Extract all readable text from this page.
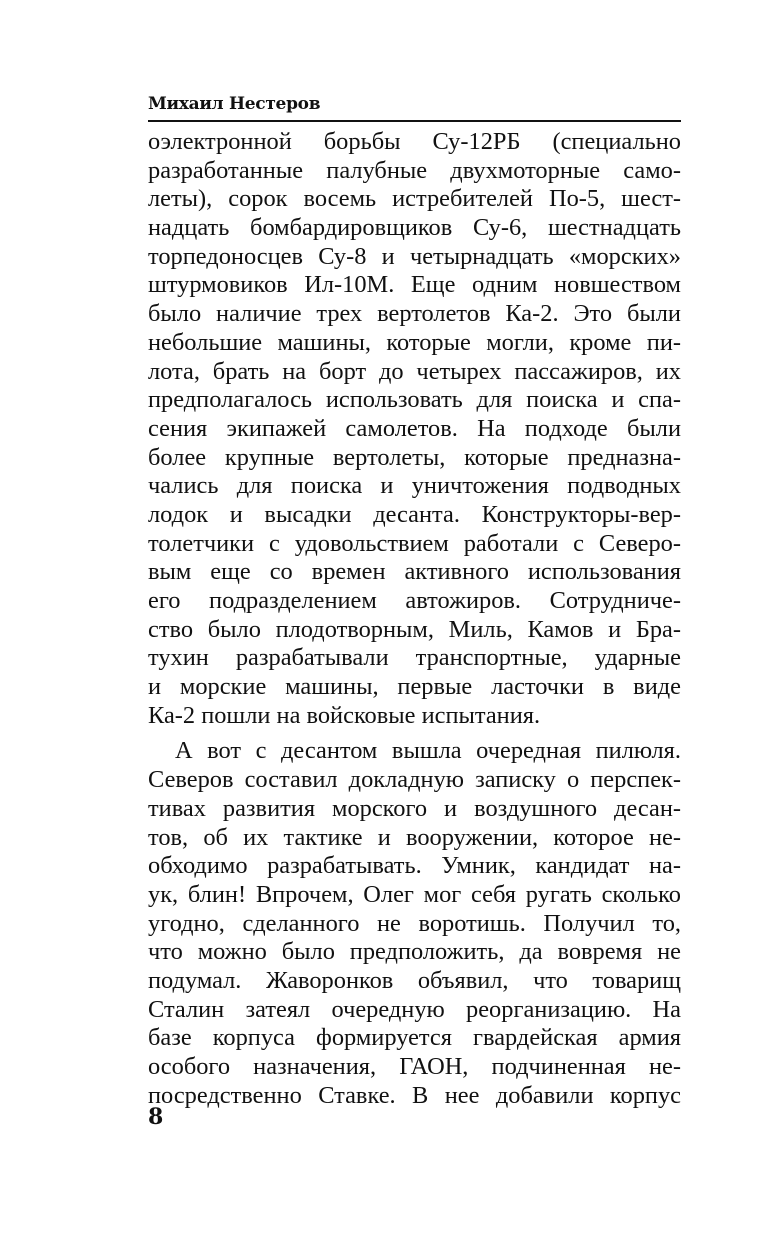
Михаил Нестеров
оэлектронной борьбы Су-12РБ (специально
разработанные палубные двухмоторные само-
леты), сорок восемь истребителей По-5, шест-
надцать бомбардировщиков Су-6, шестнадцать
торпедоносцев Су-8 и четырнадцать «морских»
штурмовиков Ил-10М. Еще одним новшеством
было наличие трех вертолетов Ка-2. Это были
небольшие машины, которые могли, кроме пи-
лота, брать на борт до четырех пассажиров, их
предполагалось использовать для поиска и спа-
сения экипажей самолетов. На подходе были
более крупные вертолеты, которые предназна-
чались для поиска и уничтожения подводных
лодок и высадки десанта. Конструкторы-вер-
толетчики с удовольствием работали с Северо-
вым еще со времен активного использования
его подразделением автожиров. Сотрудниче-
ство было плодотворным, Миль, Камов и Бра-
тухин разрабатывали транспортные, ударные
и морские машины, первые ласточки в виде
Ка-2 пошли на войсковые испытания.
А вот с десантом вышла очередная пилюля.
Северов составил докладную записку о перспек-
тивах развития морского и воздушного десан-
тов, об их тактике и вооружении, которое не-
обходимо разрабатывать. Умник, кандидат на-
ук, блин! Впрочем, Олег мог себя ругать сколько
угодно, сделанного не воротишь. Получил то,
что можно было предположить, да вовремя не
подумал. Жаворонков объявил, что товарищ
Сталин затеял очередную реорганизацию. На
базе корпуса формируется гвардейская армия
особого назначения, ГАОН, подчиненная не-
посредственно Ставке. В нее добавили корпус
8
